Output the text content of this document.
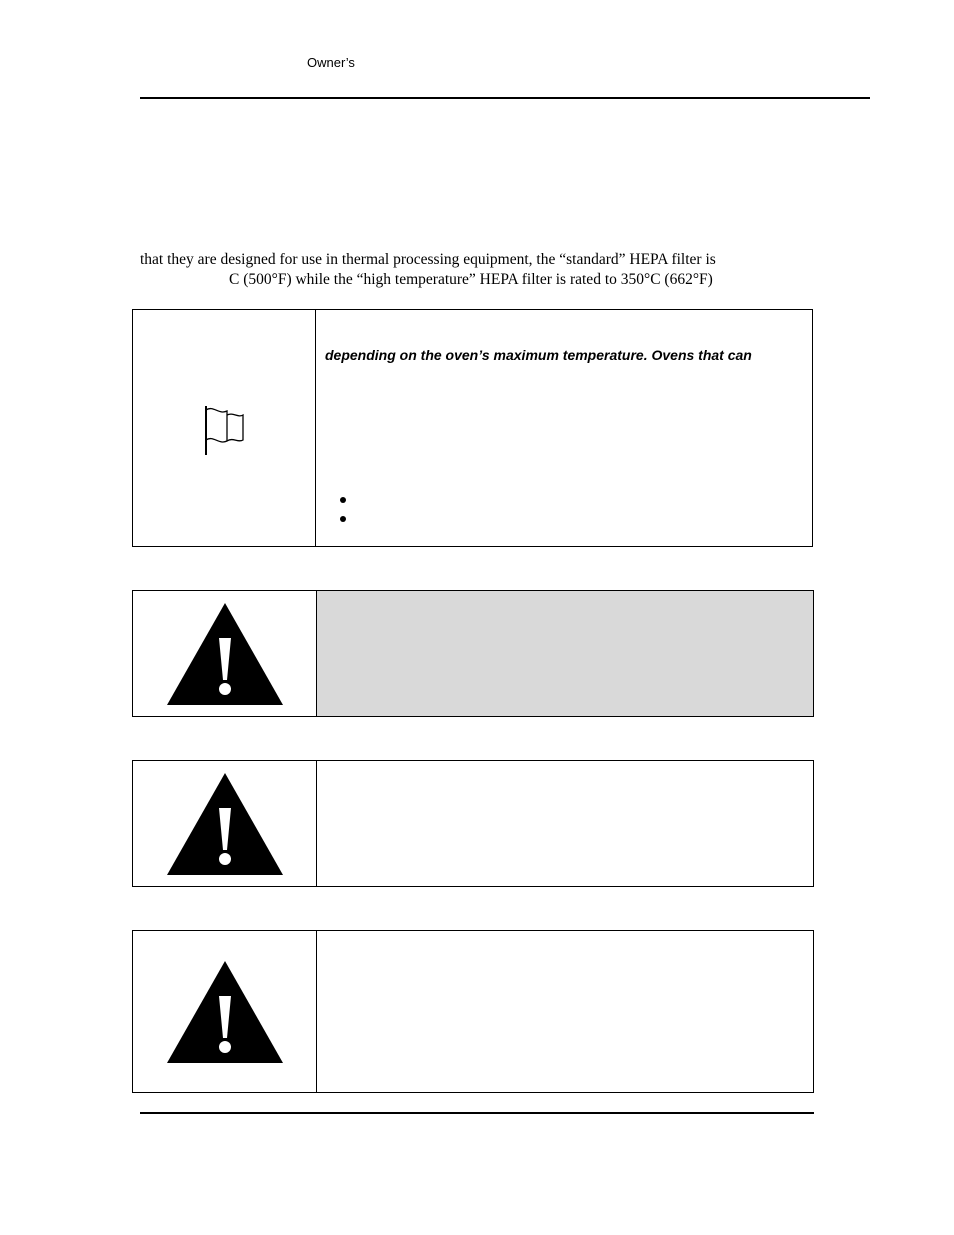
Owner’s
that they are designed for use in thermal processing equipment, the “standard” HEPA filter is
C (500°F) while the “high temperature” HEPA filter is rated to 350°C (662°F)
depending on the oven’s maximum temperature. Ovens that can
